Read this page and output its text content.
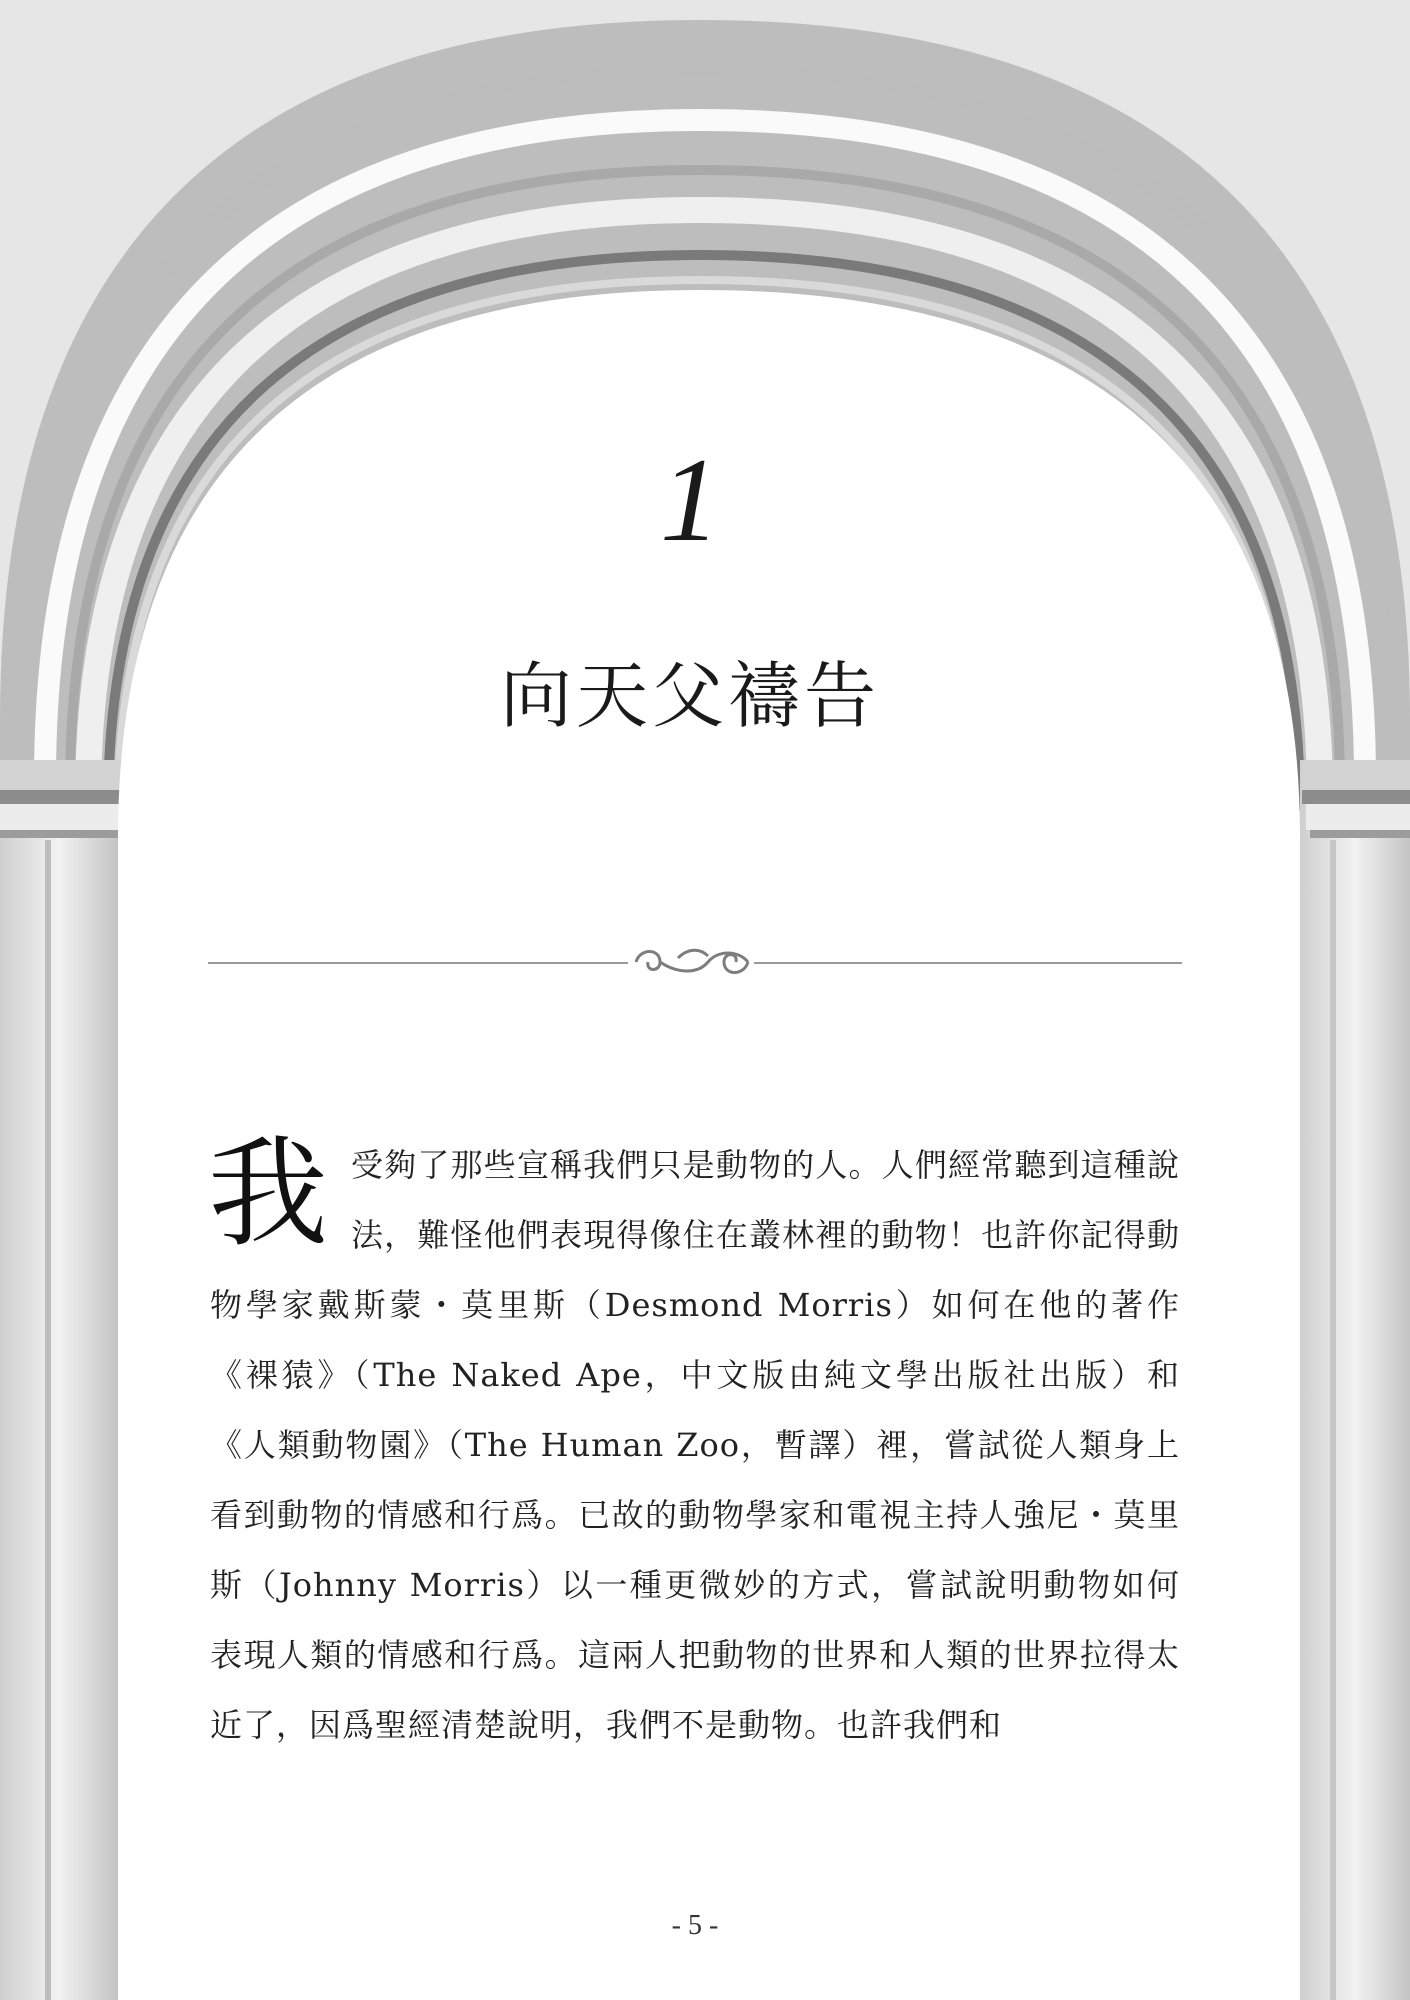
1
向天父禱告

我受夠了那些宣稱我們只是動物的人。人們經常聽到這種說法，難怪他們表現得像住在叢林裡的動物！也許你記得動物學家戴斯蒙・莫里斯（Desmond Morris）如何在他的著作《裸猿》（The Naked Ape，中文版由純文學出版社出版）和《人類動物園》（The Human Zoo，暫譯）裡，嘗試從人類身上看到動物的情感和行爲。已故的動物學家和電視主持人強尼・莫里斯（Johnny Morris）以一種更微妙的方式，嘗試說明動物如何表現人類的情感和行爲。這兩人把動物的世界和人類的世界拉得太近了，因爲聖經清楚說明，我們不是動物。也許我們和

- 5 -
